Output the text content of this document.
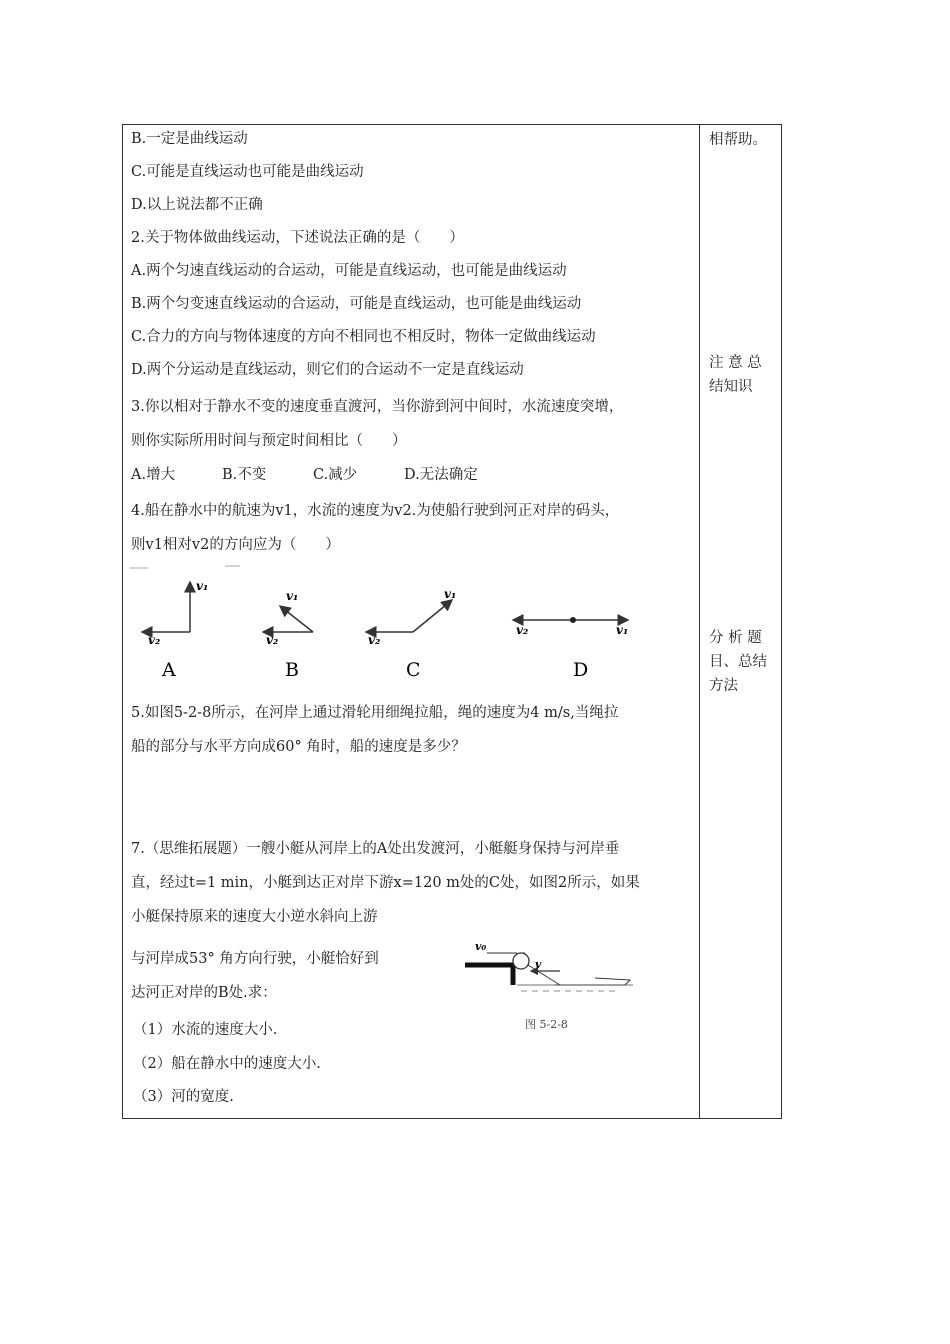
B.一定是曲线运动
C.可能是直线运动也可能是曲线运动
D.以上说法都不正确
2.关于物体做曲线运动，下述说法正确的是（　　）
A.两个匀速直线运动的合运动，可能是直线运动，也可能是曲线运动
B.两个匀变速直线运动的合运动，可能是直线运动，也可能是曲线运动
C.合力的方向与物体速度的方向不相同也不相反时，物体一定做曲线运动
D.两个分运动是直线运动，则它们的合运动不一定是直线运动
3.你以相对于静水不变的速度垂直渡河，当你游到河中间时，水流速度突增，
则你实际所用时间与预定时间相比（　　）
A.增大	B.不变	C.减少	D.无法确定
4.船在静水中的航速为v1，水流的速度为v2.为使船行驶到河正对岸的码头，
则v1相对v2的方向应为（　　）
v₁
v₂
A
v₁
v₂
B
v₁
v₂
C
v₂	v₁
D
5.如图5-2-8所示，在河岸上通过滑轮用细绳拉船，绳的速度为4 m/s,当绳拉
船的部分与水平方向成60° 角时，船的速度是多少？
7.（思维拓展题）一艘小艇从河岸上的A处出发渡河，小艇艇身保持与河岸垂
直，经过t=1 min，小艇到达正对岸下游x=120 m处的C处，如图2所示，如果
小艇保持原来的速度大小逆水斜向上游
与河岸成53° 角方向行驶，小艇恰好到
达河正对岸的B处.求：
（1）水流的速度大小.
（2）船在静水中的速度大小.
（3）河的宽度.
v₀
v
图 5-2-8
相帮助。
注 意 总
结知识
分 析 题
目、总结
方法
